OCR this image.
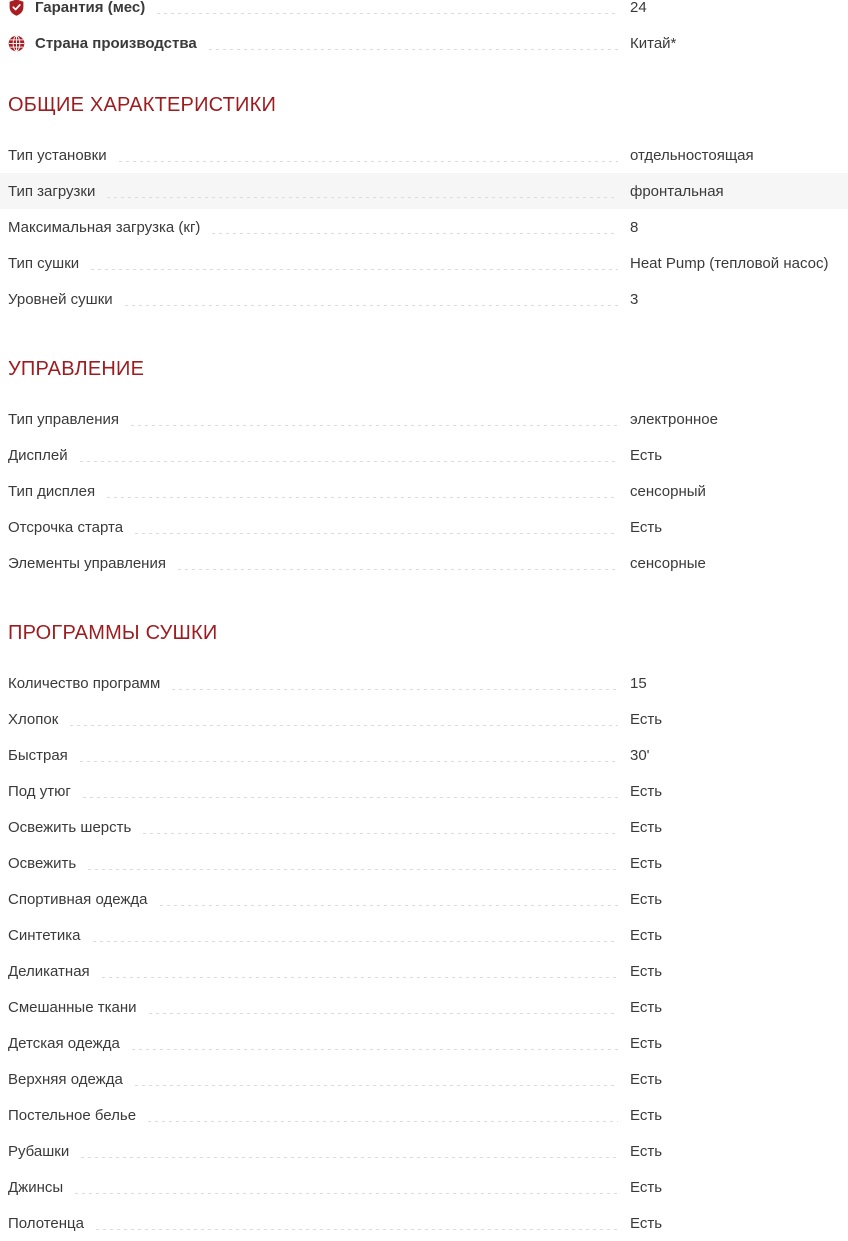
Гарантия (мес)	24
Страна производства	Китай*
ОБЩИЕ ХАРАКТЕРИСТИКИ
Тип установки	отдельностоящая
Тип загрузки	фронтальная
Максимальная загрузка (кг)	8
Тип сушки	Heat Pump (тепловой насос)
Уровней сушки	3
УПРАВЛЕНИЕ
Тип управления	электронное
Дисплей	Есть
Тип дисплея	сенсорный
Отсрочка старта	Есть
Элементы управления	сенсорные
ПРОГРАММЫ СУШКИ
Количество программ	15
Хлопок	Есть
Быстрая	30'
Под утюг	Есть
Освежить шерсть	Есть
Освежить	Есть
Спортивная одежда	Есть
Синтетика	Есть
Деликатная	Есть
Смешанные ткани	Есть
Детская одежда	Есть
Верхняя одежда	Есть
Постельное белье	Есть
Рубашки	Есть
Джинсы	Есть
Полотенца	Есть
